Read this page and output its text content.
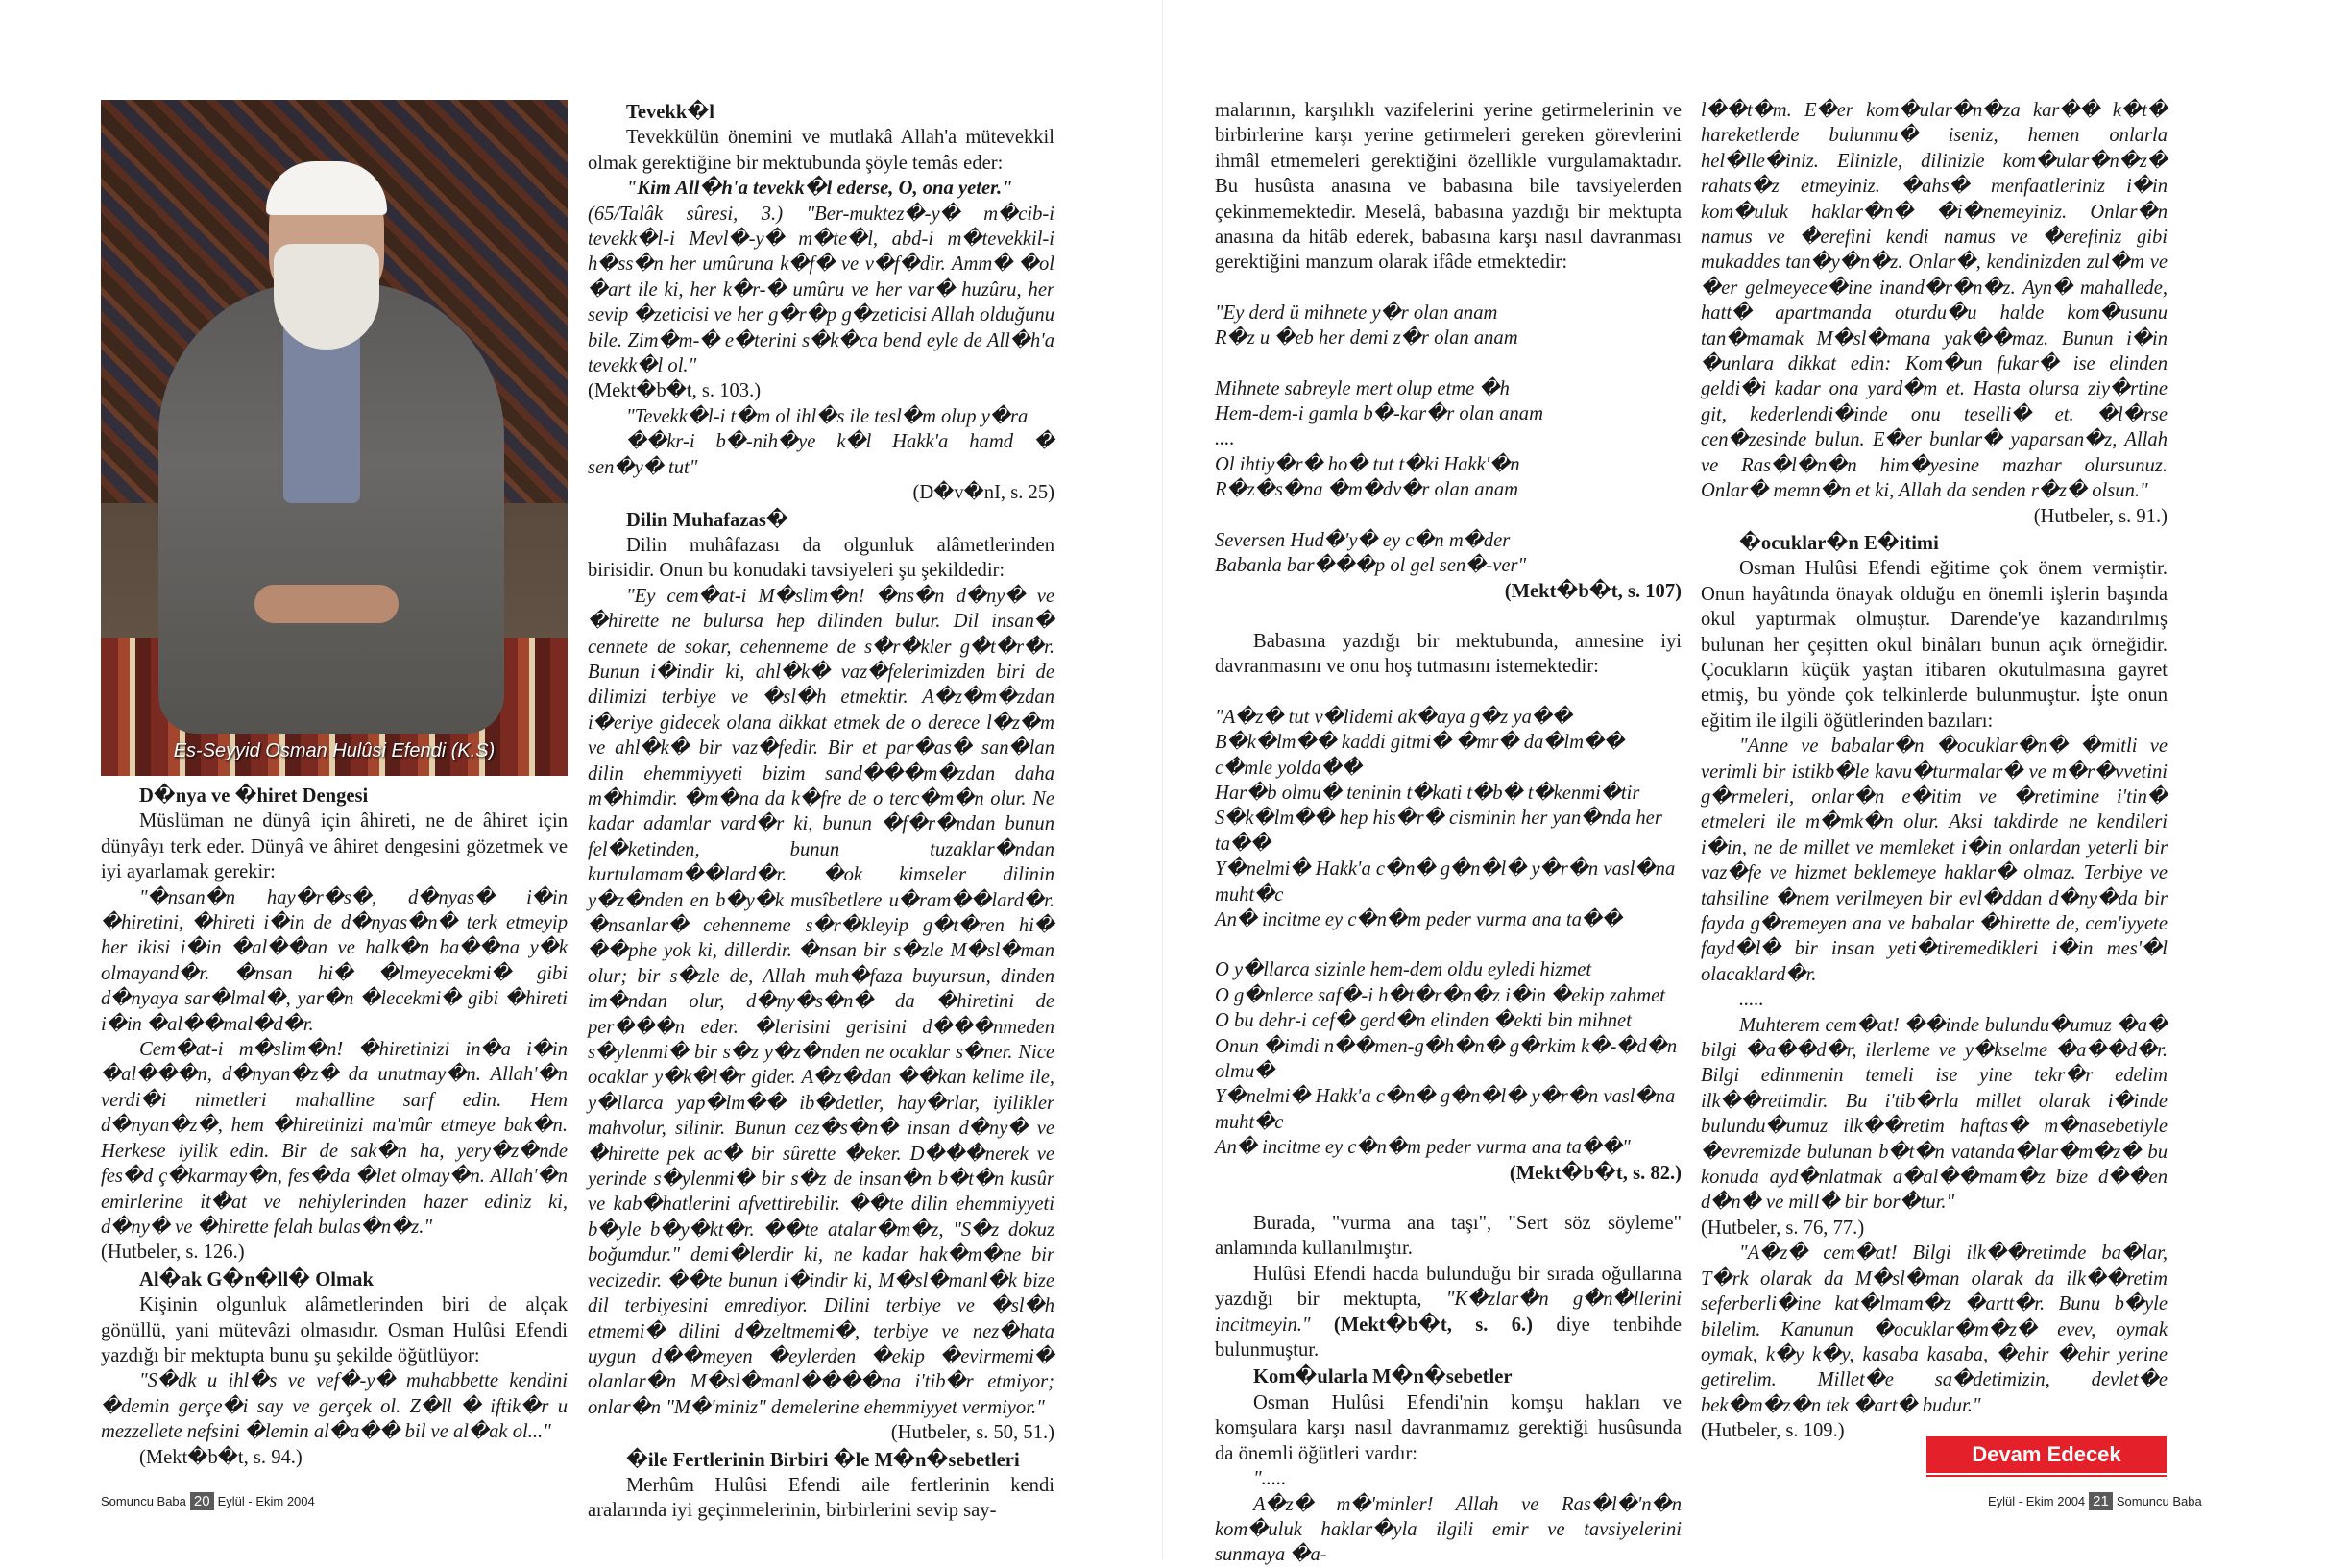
Es-Seyyid Osman Hulûsi Efendi (K.S)
D�nya ve �hiret Dengesi

Müslüman ne dünyâ için âhireti, ne de âhiret için dünyâyı terk eder. Dünyâ ve âhiret dengesini gözetmek ve iyi ayarlamak gerekir:

"�nsan�n hay�r�s�, d�nyas� i�in �hiretini, �hireti i�in de d�nyas�n� terk etmeyip her ikisi i�in �al��an ve halk�n ba��na y�k olmayand�r. �nsan hi� �lmeyecekmi� gibi d�nyaya sar�lmal�, yar�n �lecekmi� gibi �hireti i�in �al��mal�d�r.

Cem�at-i m�slim�n! �hiretinizi in�a i�in �al���n, d�nyan�z� da unutmay�n. Allah'�n verdi�i nimetleri mahalline sarf edin. Hem d�nyan�z�, hem �hiretinizi ma'mûr etmeye bak�n. Herkese iyilik edin. Bir de sak�n ha, yery�z�nde fes�d ç�karmay�n, fes�da �let olmay�n. Allah'�n emirlerine it�at ve nehiylerinden hazer ediniz ki, d�ny� ve �hirette felah bulas�n�z."

(Hutbeler, s. 126.)

Al�ak G�n�ll� Olmak

Kişinin olgunluk alâmetlerinden biri de alçak gönüllü, yani mütevâzi olmasıdır. Osman Hulûsi Efendi yazdığı bir mektupta bunu şu şekilde öğütlüyor:

"S�dk u ihl�s ve vef�-y� muhabbette kendini �demin gerçe�i say ve gerçek ol. Z�ll � iftik�r u mezzellete nefsini �lemin al�a�� bil ve al�ak ol..."

(Mekt�b�t, s. 94.)

Tevekk�l

Tevekkülün önemini ve mutlakâ Allah'a mütevekkil olmak gerektiğine bir mektubunda şöyle temâs eder:

"Kim All�h'a tevekk�l ederse, O, ona yeter."

(65/Talâk sûresi, 3.) "Ber-muktez�-y� m�cib-i tevekk�l-i Mevl�-y� m�te�l, abd-i m�tevekkil-i h�ss�n her umûruna k�f� ve v�f�dir. Amm� �ol �art ile ki, her k�r-� umûru ve her var� huzûru, her sevip �zeticisi ve her g�r�p g�zeticisi Allah olduğunu bile. Zim�m-� e�terini s�k�ca bend eyle de All�h'a tevekk�l ol."

(Mekt�b�t, s. 103.)

"Tevekk�l-i t�m ol ihl�s ile tesl�m olup y�ra

��kr-i b�-nih�ye k�l Hakk'a hamd � sen�y� tut"

(D�v�nI, s. 25)

Dilin Muhafazas�

Dilin muhâfazası da olgunluk alâmetlerinden birisidir. Onun bu konudaki tavsiyeleri şu şekildedir:

"Ey cem�at-i M�slim�n! �ns�n d�ny� ve �hirette ne bulursa hep dilinden bulur. Dil insan� cennete de sokar, cehenneme de s�r�kler g�t�r�r. Bunun i�indir ki, ahl�k� vaz�felerimizden biri de dilimizi terbiye ve �sl�h etmektir. A�z�m�zdan i�eriye gidecek olana dikkat etmek de o derece l�z�m ve ahl�k� bir vaz�fedir. Bir et par�as� san�lan dilin ehemmiyyeti bizim sand���m�zdan daha m�himdir. �m�na da k�fre de o terc�m�n olur. Ne kadar adamlar vard�r ki, bunun �f�r�ndan bunun fel�ketinden, bunun tuzaklar�ndan kurtulamam��lard�r. �ok kimseler dilinin y�z�nden en b�y�k musîbetlere u�ram��lard�r. �nsanlar� cehenneme s�r�kleyip g�t�ren hi� ��phe yok ki, dillerdir. �nsan bir s�zle M�sl�man olur; bir s�zle de, Allah muh�faza buyursun, dinden im�ndan olur, d�ny�s�n� da �hiretini de per���n eder. �lerisini gerisini d���nmeden s�ylenmi� bir s�z y�z�nden ne ocaklar s�ner. Nice ocaklar y�k�l�r gider. A�z�dan ��kan kelime ile, y�llarca yap�lm�� ib�detler, hay�rlar, iyilikler mahvolur, silinir. Bunun cez�s�n� insan d�ny� ve �hirette pek ac� bir sûrette �eker. D���nerek ve yerinde s�ylenmi� bir s�z de insan�n b�t�n kusûr ve kab�hatlerini afvettirebilir. ��te dilin ehemmiyyeti b�yle b�y�kt�r. ��te atalar�m�z, "S�z dokuz boğumdur." demi�lerdir ki, ne kadar hak�m�ne bir vecizedir. ��te bunun i�indir ki, M�sl�manl�k bize dil terbiyesini emrediyor. Dilini terbiye ve �sl�h etmemi� dilini d�zeltmemi�, terbiye ve nez�hata uygun d��meyen �eylerden �ekip �evirmemi� olanlar�n M�sl�manl����na i'tib�r etmiyor; onlar�n "M�'miniz" demelerine ehemmiyyet vermiyor."

(Hutbeler, s. 50, 51.)

�ile Fertlerinin Birbiri �le M�n�sebetleri

Merhûm Hulûsi Efendi aile fertlerinin kendi aralarında iyi geçinmelerinin, birbirlerini sevip say-

malarının, karşılıklı vazifelerini yerine getirmelerinin ve birbirlerine karşı yerine getirmeleri gereken görevlerini ihmâl etmemeleri gerektiğini özellikle vurgulamaktadır. Bu husûsta anasına ve babasına bile tavsiyelerden çekinmemektedir. Meselâ, babasına yazdığı bir mektupta anasına da hitâb ederek, babasına karşı nasıl davranması gerektiğini manzum olarak ifâde etmektedir:

"Ey derd ü mihnete y�r olan anam

R�z u �eb her demi z�r olan anam

Mihnete sabreyle mert olup etme �h

Hem-dem-i gamla b�-kar�r olan anam

....

Ol ihtiy�r� ho� tut t�ki Hakk'�n

R�z�s�na �m�dv�r olan anam

Seversen Hud�'y� ey c�n m�der

Babanla bar���p ol gel sen�-ver"

(Mekt�b�t, s. 107)

Babasına yazdığı bir mektubunda, annesine iyi davranmasını ve onu hoş tutmasını istemektedir:

"A�z� tut v�lidemi ak�aya g�z ya��

B�k�lm�� kaddi gitmi� �mr� da�lm�� c�mle yolda��

Har�b olmu� teninin t�kati t�b� t�kenmi�tir

S�k�lm�� hep his�r� cisminin her yan�nda her ta��

Y�nelmi� Hakk'a c�n� g�n�l� y�r�n vasl�na muht�c

An� incitme ey c�n�m peder vurma ana ta��

O y�llarca sizinle hem-dem oldu eyledi hizmet

O g�nlerce saf�-i h�t�r�n�z i�in �ekip zahmet

O bu dehr-i cef� gerd�n elinden �ekti bin mihnet

Onun �imdi n��men-g�h�n� g�rkim k�-�d�n olmu�

Y�nelmi� Hakk'a c�n� g�n�l� y�r�n vasl�na muht�c

An� incitme ey c�n�m peder vurma ana ta��"

(Mekt�b�t, s. 82.)

Burada, "vurma ana taşı", "Sert söz söyleme" anlamında kullanılmıştır.

Hulûsi Efendi hacda bulunduğu bir sırada oğullarına yazdığı bir mektupta, "K�zlar�n g�n�llerini incitmeyin." (Mekt�b�t, s. 6.) diye tenbihde bulunmuştur.

Kom�ularla M�n�sebetler

Osman Hulûsi Efendi'nin komşu hakları ve komşulara karşı nasıl davranmamız gerektiği husûsunda da önemli öğütleri vardır:

".....

A�z� m�'minler! Allah ve Ras�l�'n�n kom�uluk haklar�yla ilgili emir ve tavsiyelerini sunmaya �a-

l��t�m. E�er kom�ular�n�za kar�� k�t� hareketlerde bulunmu� iseniz, hemen onlarla hel�lle�iniz. Elinizle, dilinizle kom�ular�n�z� rahats�z etmeyiniz. �ahs� menfaatleriniz i�in kom�uluk haklar�n� �i�nemeyiniz. Onlar�n namus ve �erefini kendi namus ve �erefiniz gibi mukaddes tan�y�n�z. Onlar�, kendinizden zul�m ve �er gelmeyece�ine inand�r�n�z. Ayn� mahallede, hatt� apartmanda oturdu�u halde kom�usunu tan�mamak M�sl�mana yak��maz. Bunun i�in �unlara dikkat edin: Kom�un fukar� ise elinden geldi�i kadar ona yard�m et. Hasta olursa ziy�rtine git, kederlendi�inde onu teselli� et. �l�rse cen�zesinde bulun. E�er bunlar� yaparsan�z, Allah ve Ras�l�n�n him�yesine mazhar olursunuz. Onlar� memn�n et ki, Allah da senden r�z� olsun."

(Hutbeler, s. 91.)

�ocuklar�n E�itimi

Osman Hulûsi Efendi eğitime çok önem vermiştir. Onun hayâtında önayak olduğu en önemli işlerin başında okul yaptırmak olmuştur. Darende'ye kazandırılmış bulunan her çeşitten okul binâları bunun açık örneğidir. Çocukların küçük yaştan itibaren okutulmasına gayret etmiş, bu yönde çok telkinlerde bulunmuştur. İşte onun eğitim ile ilgili öğütlerinden bazıları:

"Anne ve babalar�n �ocuklar�n� �mitli ve verimli bir istikb�le kavu�turmalar� ve m�r�vvetini g�rmeleri, onlar�n e�itim ve �retimine i'tin� etmeleri ile m�mk�n olur. Aksi takdirde ne kendileri i�in, ne de millet ve memleket i�in onlardan yeterli bir vaz�fe ve hizmet beklemeye haklar� olmaz. Terbiye ve tahsiline �nem verilmeyen bir evl�ddan d�ny�da bir fayda g�remeyen ana ve babalar �hirette de, cem'iyyete fayd�l� bir insan yeti�tiremedikleri i�in mes'�l olacaklard�r.

.....

Muhterem cem�at! ��inde bulundu�umuz �a� bilgi �a��d�r, ilerleme ve y�kselme �a��d�r. Bilgi edinmenin temeli ise yine tekr�r edelim ilk��retimdir. Bu i'tib�rla millet olarak i�inde bulundu�umuz ilk��retim haftas� m�nasebetiyle �evremizde bulunan b�t�n vatanda�lar�m�z� bu konuda ayd�nlatmak a�al��mam�z bize d��en d�n� ve mill� bir bor�tur."

(Hutbeler, s. 76, 77.)

"A�z� cem�at! Bilgi ilk��retimde ba�lar, T�rk olarak da M�sl�man olarak da ilk��retim seferberli�ine kat�lmam�z �artt�r. Bunu b�yle bilelim. Kanunun �ocuklar�m�z� evev, oymak oymak, k�y k�y, kasaba kasaba, �ehir �ehir yerine getirelim. Millet�e sa�detimizin, devlet�e bek�m�z�n tek �art� budur."

(Hutbeler, s. 109.)

Devam Edecek
Somuncu Baba 20 Eylül - Ekim 2004	Eylül - Ekim 2004 21 Somuncu Baba
